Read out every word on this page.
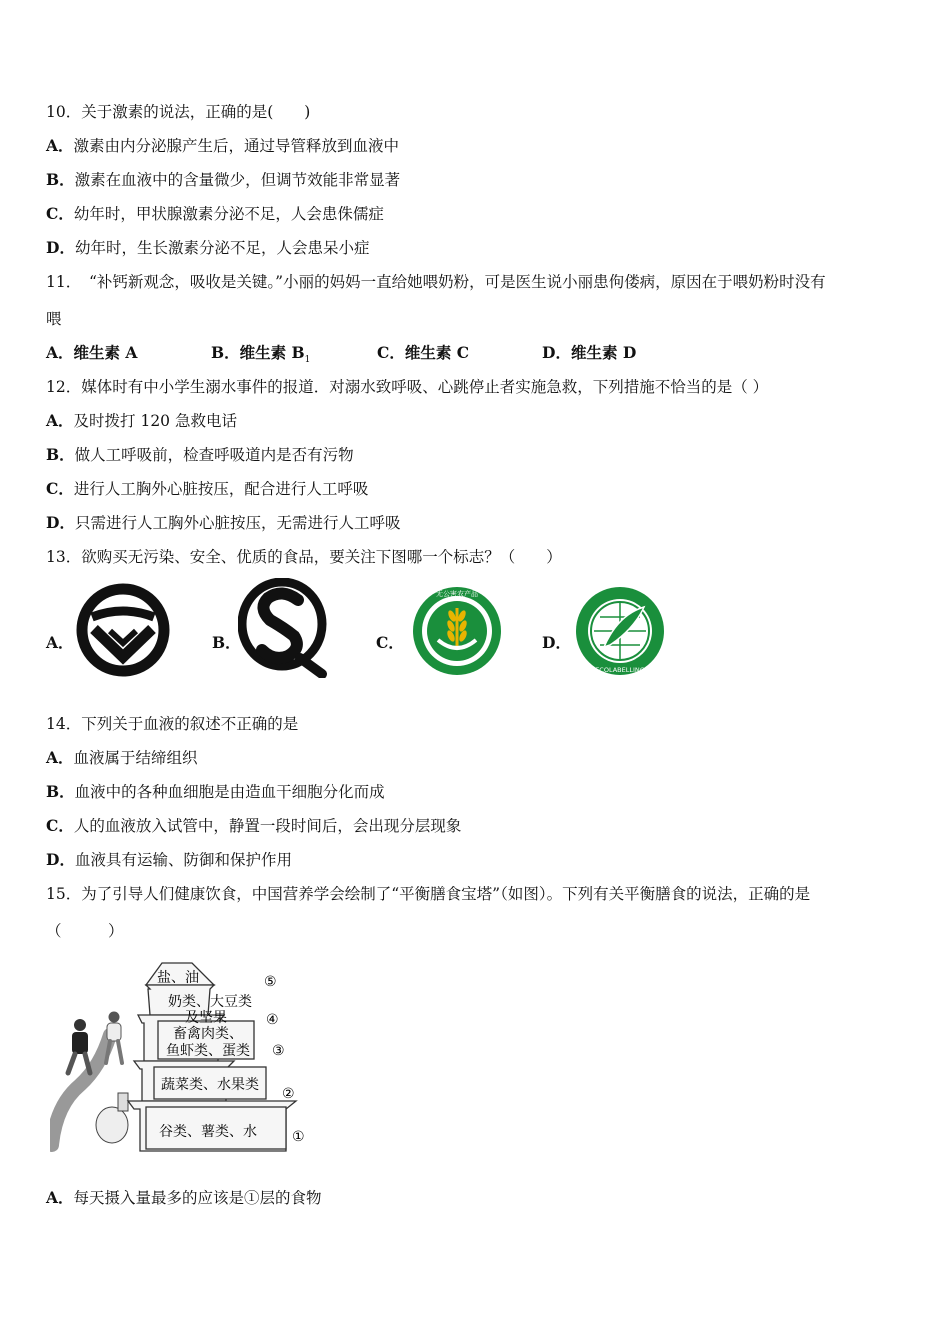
10．关于激素的说法，正确的是(　　)
A．激素由内分泌腺产生后，通过导管释放到血液中
B．激素在血液中的含量微少，但调节效能非常显著
C．幼年时，甲状腺激素分泌不足，人会患侏儒症
D．幼年时，生长激素分泌不足，人会患呆小症
11．　“补钙新观念，吸收是关键。”小丽的妈妈一直给她喂奶粉，可是医生说小丽患佝偻病，原因在于喂奶粉时没有
喂
A．维生素 A	B．维生素 $B_1$	C．维生素 C	D．维生素 D
12．媒体时有中小学生溺水事件的报道．对溺水致呼吸、心跳停止者实施急救，下列措施不恰当的是（ ）
A．及时拨打 120 急救电话
B．做人工呼吸前，检查呼吸道内是否有污物
C．进行人工胸外心脏按压，配合进行人工呼吸
D．只需进行人工胸外心脏按压，无需进行人工呼吸
13．欲购买无污染、安全、优质的食品，要关注下图哪一个标志？（　　）
A．	B．	C．
无公害农产品
D．
ECOLABELLING
14．下列关于血液的叙述不正确的是
A．血液属于结缔组织
B．血液中的各种血细胞是由造血干细胞分化而成
C．人的血液放入试管中，静置一段时间后，会出现分层现象
D．血液具有运输、防御和保护作用
15．为了引导人们健康饮食，中国营养学会绘制了“平衡膳食宝塔”（如图）。下列有关平衡膳食的说法，正确的是
（　　　）
盐、油
奶类、大豆类
及坚果
畜禽肉类、
鱼虾类、蛋类
蔬菜类、水果类
谷类、薯类、水
⑤
④
③
②
①
A．每天摄入量最多的应该是①层的食物
